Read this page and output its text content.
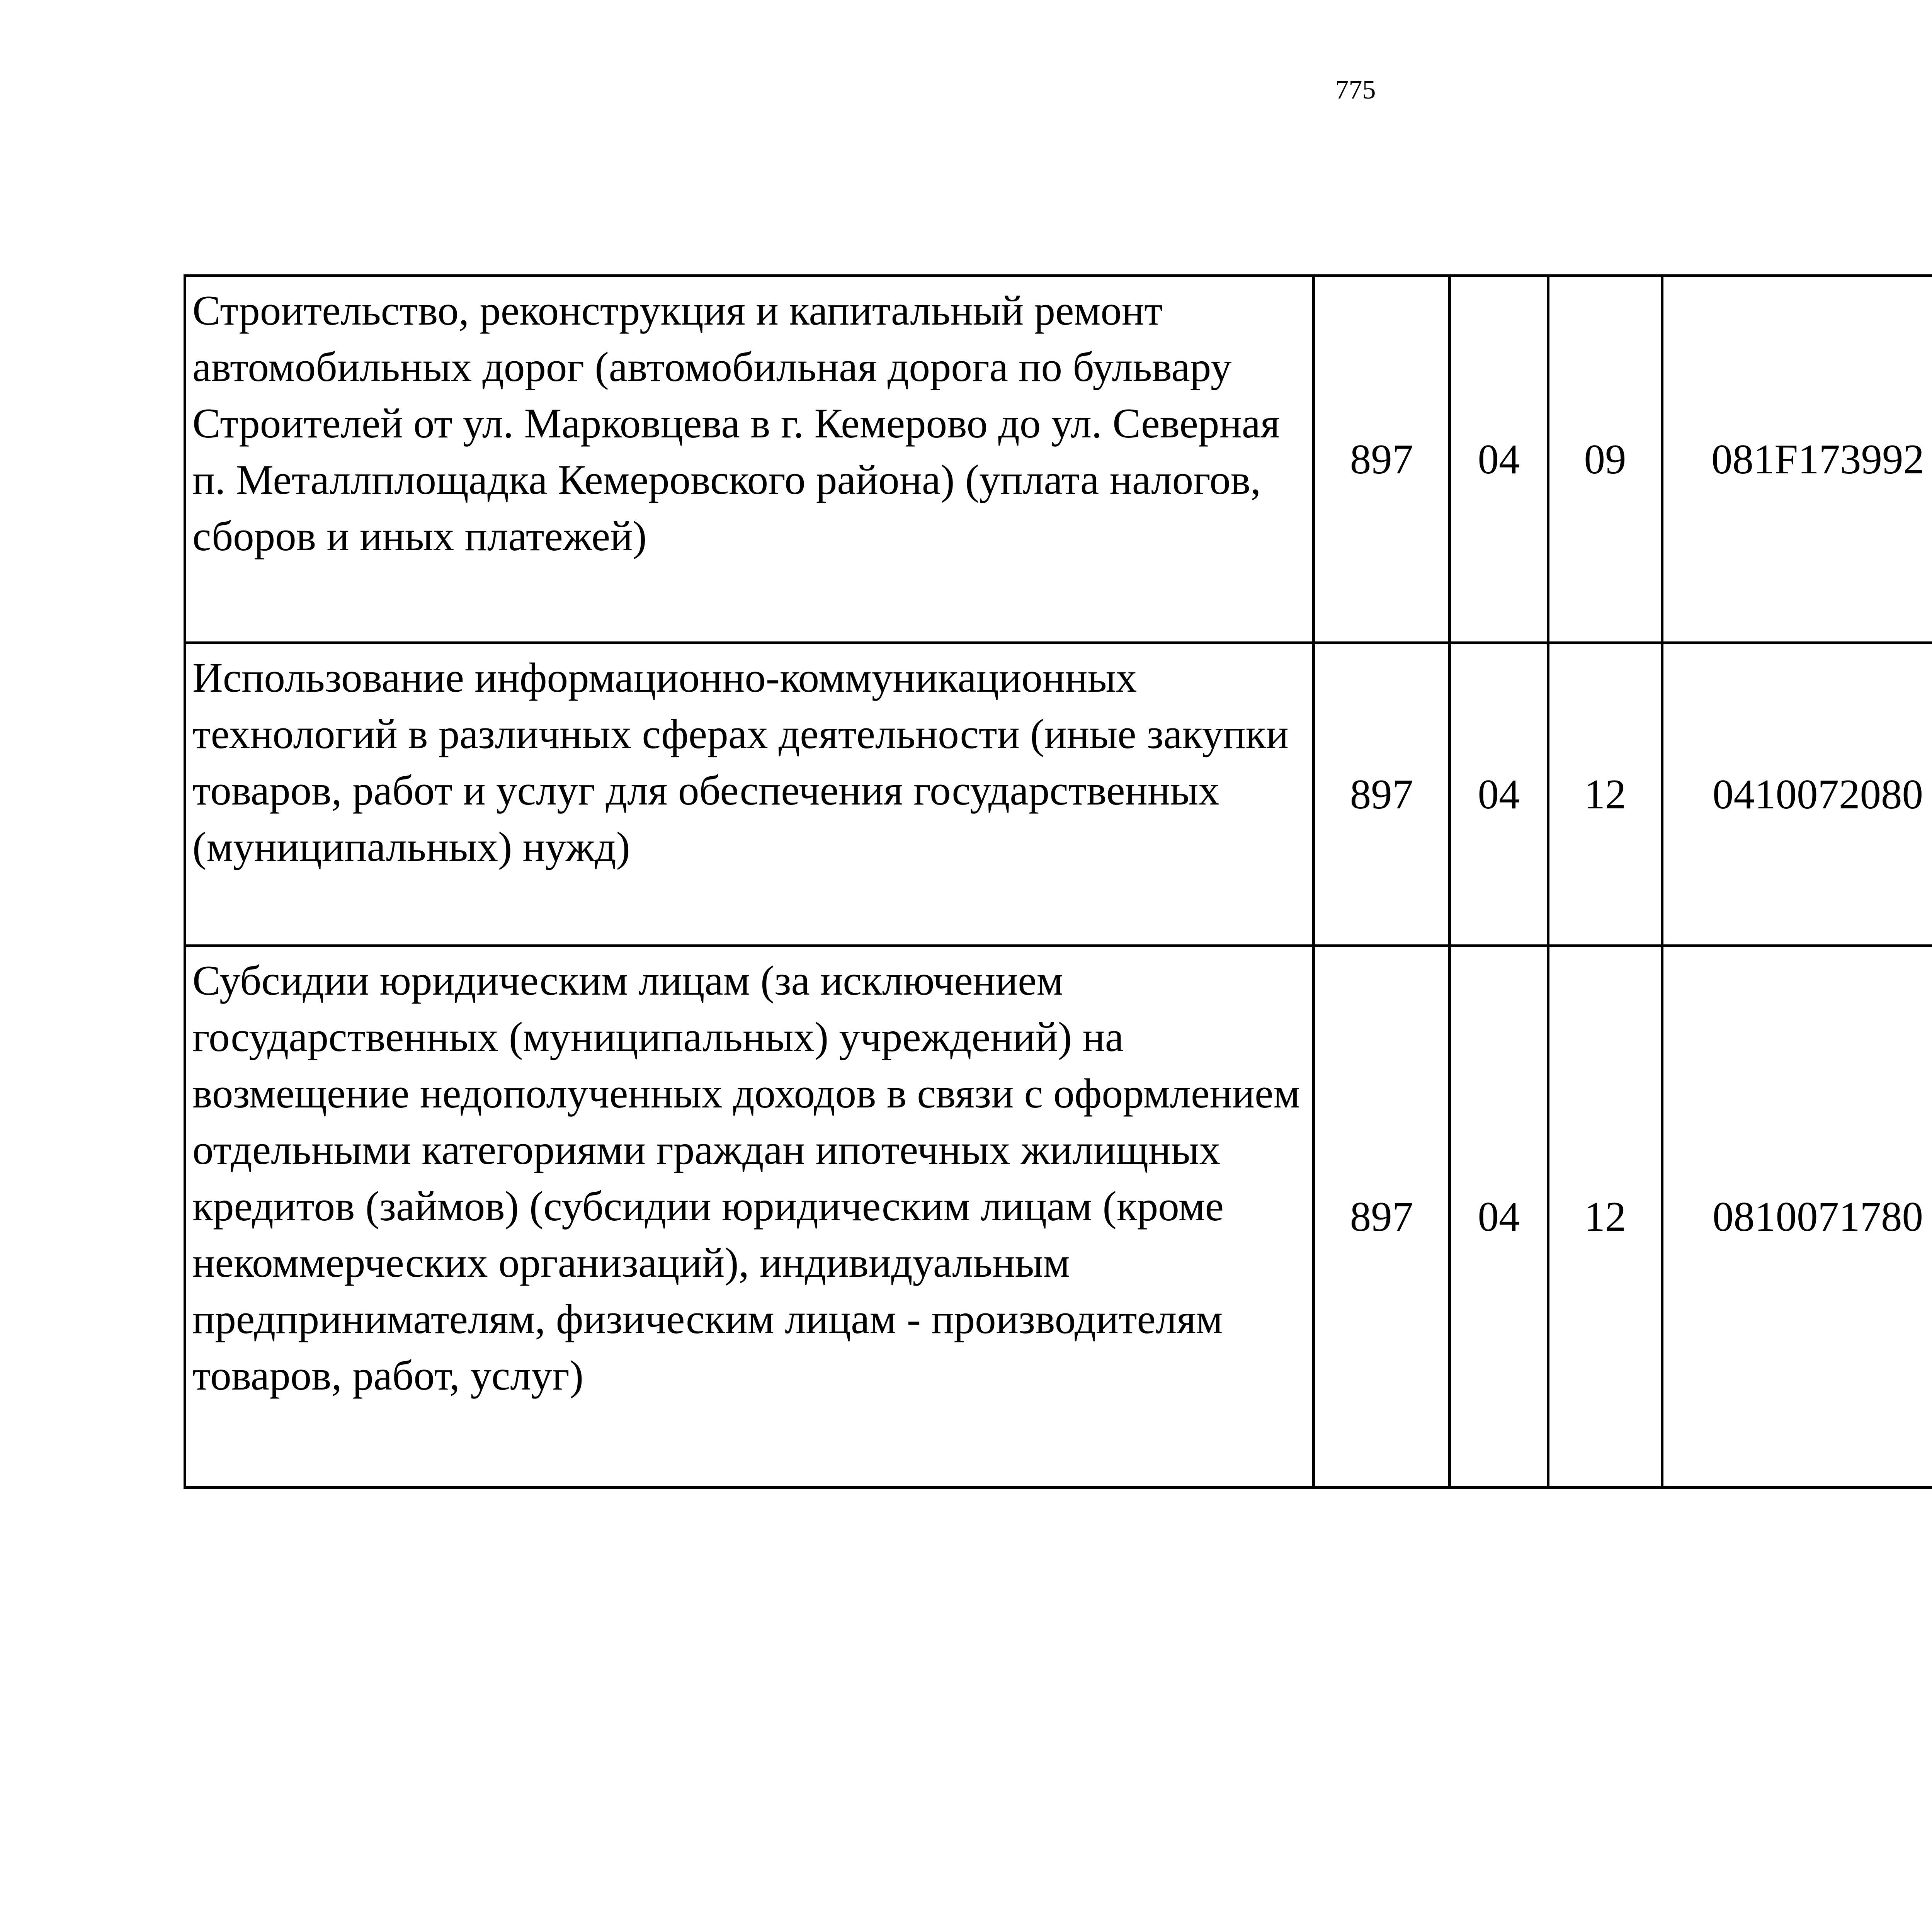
775
Строительство, реконструкция и капитальный ремонт автомобильных дорог (автомобильная дорога по бульвару Строителей от ул. Марковцева в г. Кемерово до ул. Северная п. Металлплощадка Кемеровского района) (уплата налогов, сборов и иных платежей)	897	04	09	081F173992		
Использование информационно-коммуникационных технологий в различных сферах деятельности (иные закупки товаров, работ и услуг для обеспечения государственных (муниципальных) нужд)	897	04	12	0410072080		
Субсидии юридическим лицам (за исключением государственных (муниципальных) учреждений) на возмещение недополученных доходов в связи с оформлением отдельными категориями граждан ипотечных жилищных кредитов (займов) (субсидии юридическим лицам (кроме некоммерческих организаций), индивидуальным предпринимателям, физическим лицам - производителям товаров, работ, услуг)	897	04	12	0810071780		
